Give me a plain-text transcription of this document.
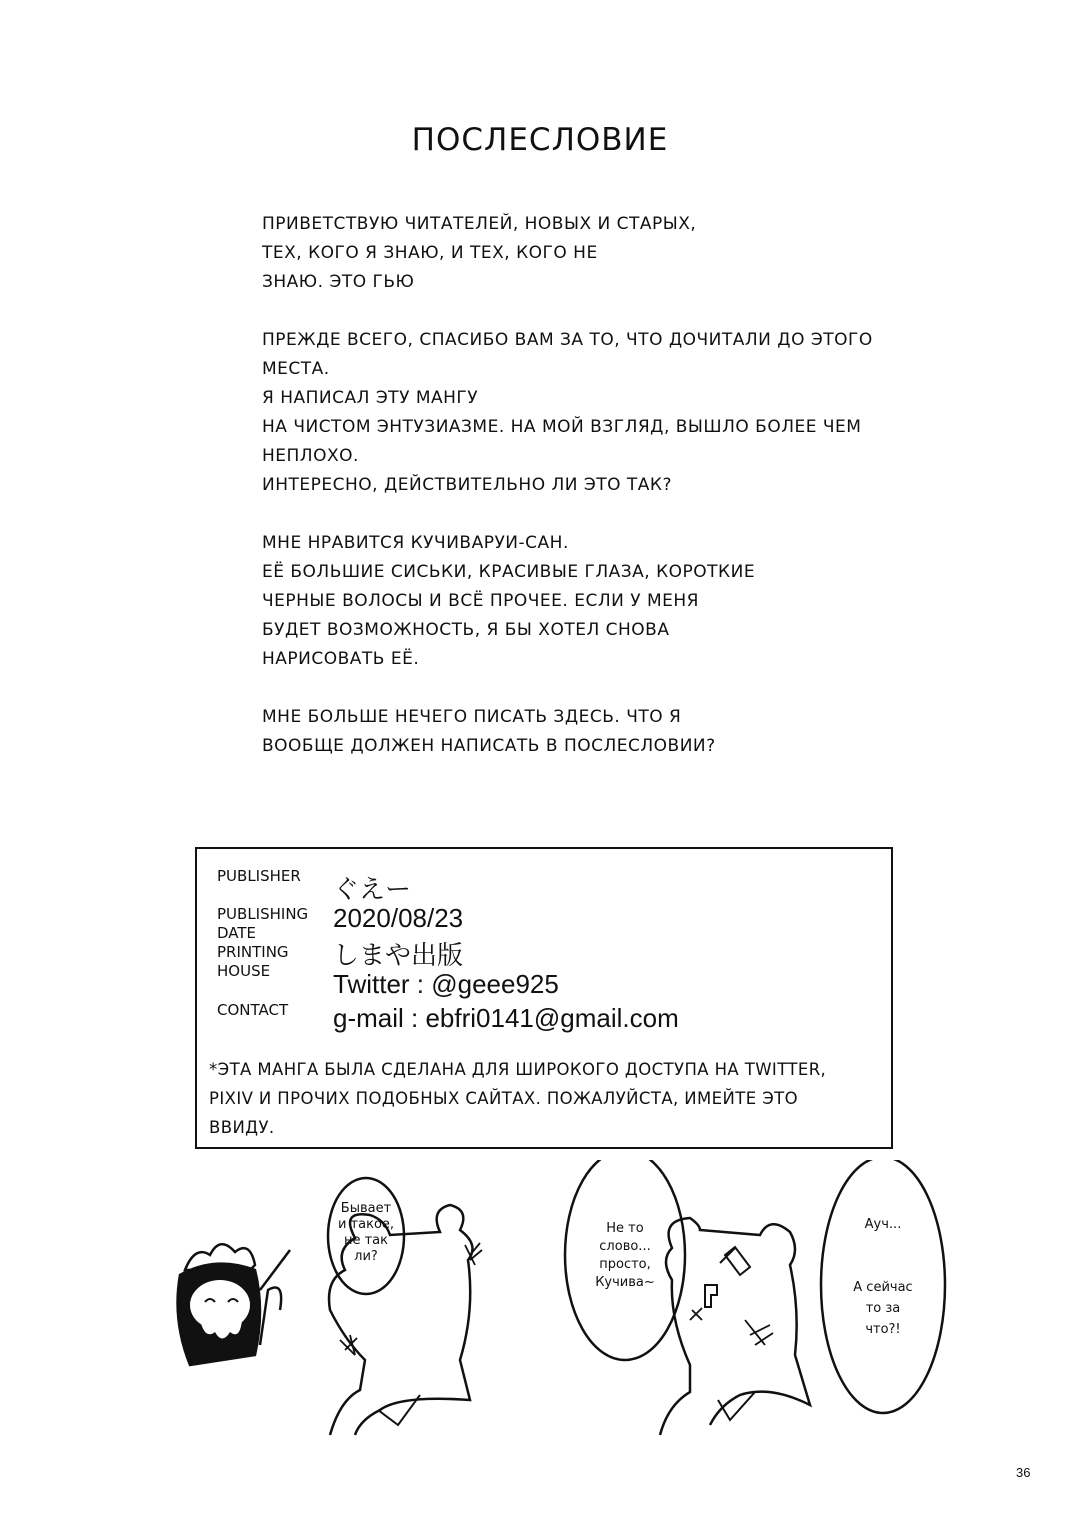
ПОСЛЕСЛОВИЕ
ПРИВЕТСТВУЮ ЧИТАТЕЛЕЙ, НОВЫХ И СТАРЫХ,
ТЕХ, КОГО Я ЗНАЮ, И ТЕХ, КОГО НЕ
ЗНАЮ. ЭТО ГЬЮ
ПРЕЖДЕ ВСЕГО, СПАСИБО ВАМ ЗА ТО, ЧТО ДОЧИТАЛИ ДО ЭТОГО
МЕСТА.
Я НАПИСАЛ ЭТУ МАНГУ
НА ЧИСТОМ ЭНТУЗИАЗМЕ. НА МОЙ ВЗГЛЯД, ВЫШЛО БОЛЕЕ ЧЕМ
НЕПЛОХО.
ИНТЕРЕСНО, ДЕЙСТВИТЕЛЬНО ЛИ ЭТО ТАК?
МНЕ НРАВИТСЯ КУЧИВАРУИ-САН.
ЕЁ БОЛЬШИЕ СИСЬКИ, КРАСИВЫЕ ГЛАЗА, КОРОТКИЕ
ЧЕРНЫЕ ВОЛОСЫ И ВСЁ ПРОЧЕЕ. ЕСЛИ У МЕНЯ
БУДЕТ ВОЗМОЖНОСТЬ, Я БЫ ХОТЕЛ СНОВА
НАРИСОВАТЬ ЕЁ.
МНЕ БОЛЬШЕ НЕЧЕГО ПИСАТЬ ЗДЕСЬ. ЧТО Я
ВООБЩЕ ДОЛЖЕН НАПИСАТЬ В ПОСЛЕСЛОВИИ?
PUBLISHER ぐえー
PUBLISHING
DATE	2020/08/23
PRINTING
HOUSE
しまや出版
CONTACT
Twitter : @geee925
g-mail : ebfri0141@gmail.com
*ЭТА МАНГА БЫЛА СДЕЛАНА ДЛЯ ШИРОКОГО ДОСТУПА НА TWITTER,
PIXIV И ПРОЧИХ ПОДОБНЫХ САЙТАХ. ПОЖАЛУЙСТА, ИМЕЙТЕ ЭТО
ВВИДУ.
Бывает
и такое,
не так
ли?
Не то
слово...
просто,
Кучива~
Ауч...
А сейчас
то за
что?!
36
